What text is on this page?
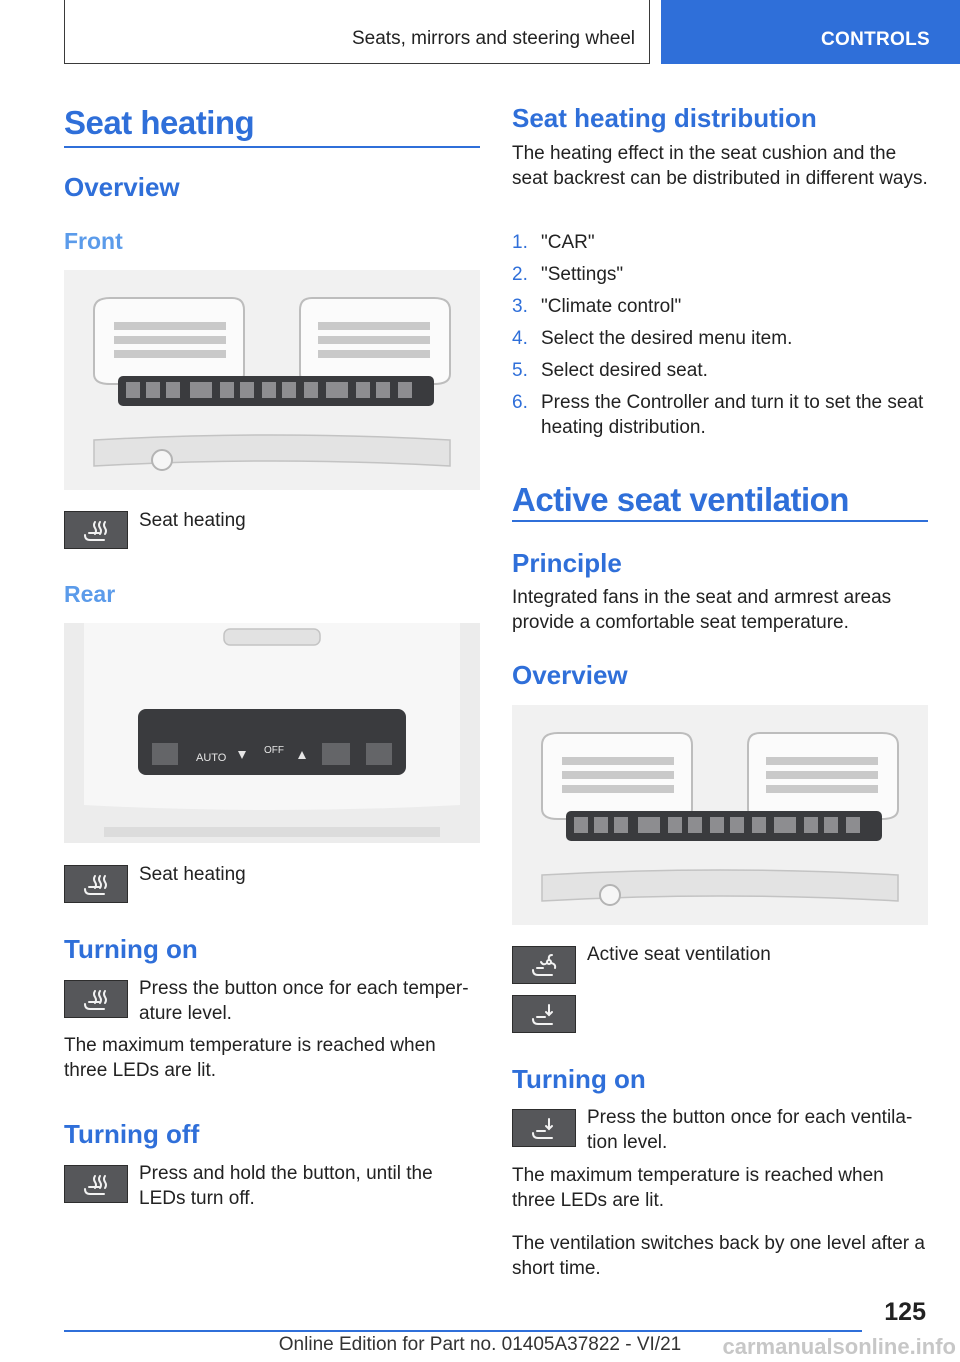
Seats, mirrors and steering wheel	CONTROLS
Seat heating
Overview
Front
Seat heating
Rear
AUTO
OFF
Seat heating
Turning on
Press the button once for each temperature level.
The maximum temperature is reached when three LEDs are lit.
Turning off
Press and hold the button, until the LEDs turn off.
Seat heating distribution
The heating effect in the seat cushion and the seat backrest can be distributed in different ways.
1. "CAR"
2. "Settings"
3. "Climate control"
4. Select the desired menu item.
5. Select desired seat.
6. Press the Controller and turn it to set the seat heating distribution.
Active seat ventilation
Principle
Integrated fans in the seat and armrest areas provide a comfortable seat temperature.
Overview
Active seat ventilation
Turning on
Press the button once for each ventilation level.
The maximum temperature is reached when three LEDs are lit.
The ventilation switches back by one level after a short time.
125
Online Edition for Part no. 01405A37822 - VI/21	carmanualsonline.info
